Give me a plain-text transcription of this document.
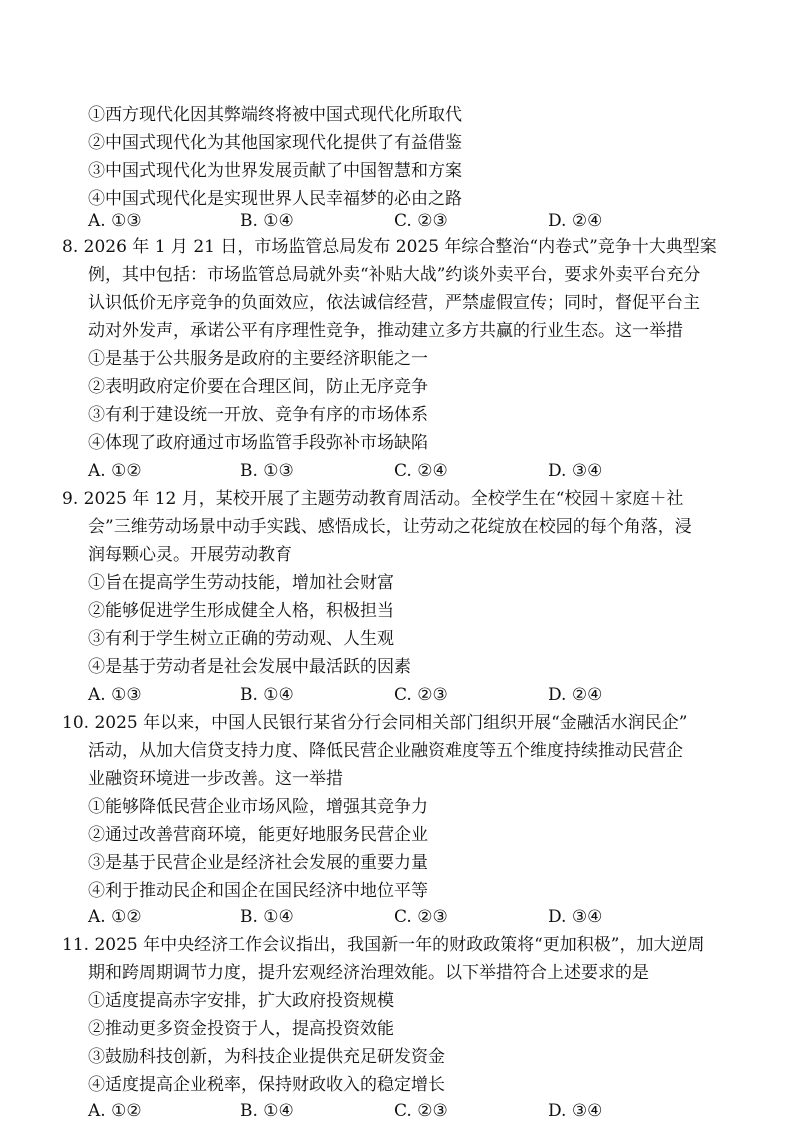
①西方现代化因其弊端终将被中国式现代化所取代
②中国式现代化为其他国家现代化提供了有益借鉴
③中国式现代化为世界发展贡献了中国智慧和方案
④中国式现代化是实现世界人民幸福梦的必由之路
A. ①③	B. ①④	C. ②③	D. ②④
8. 2026 年 1 月 21 日，市场监管总局发布 2025 年综合整治“内卷式”竞争十大典型案
例，其中包括：市场监管总局就外卖“补贴大战”约谈外卖平台，要求外卖平台充分
认识低价无序竞争的负面效应，依法诚信经营，严禁虚假宣传；同时，督促平台主
动对外发声，承诺公平有序理性竞争，推动建立多方共赢的行业生态。这一举措
①是基于公共服务是政府的主要经济职能之一
②表明政府定价要在合理区间，防止无序竞争
③有利于建设统一开放、竞争有序的市场体系
④体现了政府通过市场监管手段弥补市场缺陷
A. ①②	B. ①③	C. ②④	D. ③④
9. 2025 年 12 月，某校开展了主题劳动教育周活动。全校学生在“校园＋家庭＋社
会”三维劳动场景中动手实践、感悟成长，让劳动之花绽放在校园的每个角落，浸
润每颗心灵。开展劳动教育
①旨在提高学生劳动技能，增加社会财富
②能够促进学生形成健全人格，积极担当
③有利于学生树立正确的劳动观、人生观
④是基于劳动者是社会发展中最活跃的因素
A. ①③	B. ①④	C. ②③	D. ②④
10. 2025 年以来，中国人民银行某省分行会同相关部门组织开展“金融活水润民企”
活动，从加大信贷支持力度、降低民营企业融资难度等五个维度持续推动民营企
业融资环境进一步改善。这一举措
①能够降低民营企业市场风险，增强其竞争力
②通过改善营商环境，能更好地服务民营企业
③是基于民营企业是经济社会发展的重要力量
④利于推动民企和国企在国民经济中地位平等
A. ①②	B. ①④	C. ②③	D. ③④
11. 2025 年中央经济工作会议指出，我国新一年的财政政策将“更加积极”，加大逆周
期和跨周期调节力度，提升宏观经济治理效能。以下举措符合上述要求的是
①适度提高赤字安排，扩大政府投资规模
②推动更多资金投资于人，提高投资效能
③鼓励科技创新，为科技企业提供充足研发资金
④适度提高企业税率，保持财政收入的稳定增长
A. ①②	B. ①④	C. ②③	D. ③④
